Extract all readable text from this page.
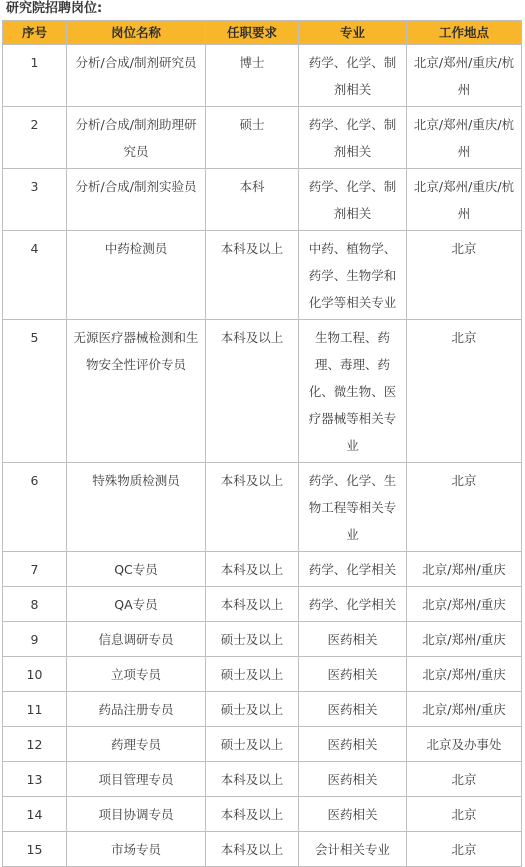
研究院招聘岗位:
序号	岗位名称	任职要求	专业	工作地点
1	分析/合成/制剂研究员	博士	药学、化学、制剂相关	北京/郑州/重庆/杭州
2	分析/合成/制剂助理研究员	硕士	药学、化学、制剂相关	北京/郑州/重庆/杭州
3	分析/合成/制剂实验员	本科	药学、化学、制剂相关	北京/郑州/重庆/杭州
4	中药检测员	本科及以上	中药、植物学、药学、生物学和化学等相关专业	北京
5	无源医疗器械检测和生物安全性评价专员	本科及以上	生物工程、药理、毒理、药化、微生物、医疗器械等相关专业	北京
6	特殊物质检测员	本科及以上	药学、化学、生物工程等相关专业	北京
7	QC专员	本科及以上	药学、化学相关	北京/郑州/重庆
8	QA专员	本科及以上	药学、化学相关	北京/郑州/重庆
9	信息调研专员	硕士及以上	医药相关	北京/郑州/重庆
10	立项专员	硕士及以上	医药相关	北京/郑州/重庆
11	药品注册专员	硕士及以上	医药相关	北京/郑州/重庆
12	药理专员	硕士及以上	医药相关	北京及办事处
13	项目管理专员	本科及以上	医药相关	北京
14	项目协调专员	本科及以上	医药相关	北京
15	市场专员	本科及以上	会计相关专业	北京
